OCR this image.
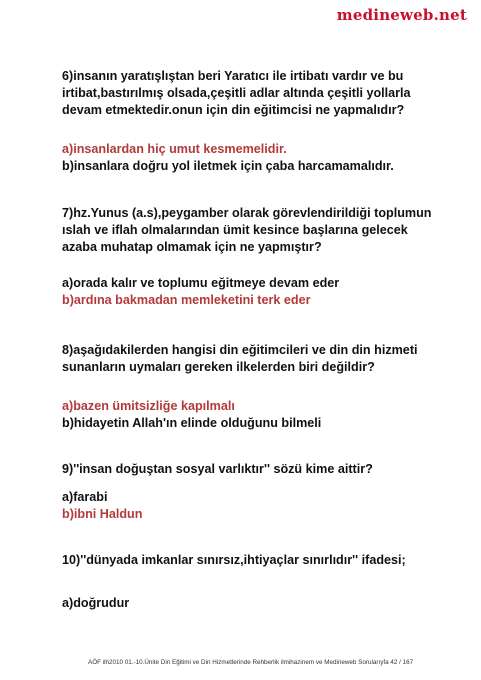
medineweb.net

6)insanın yaratışlıştan beri Yaratıcı ile irtibatı vardır ve bu irtibat,bastırılmış olsada,çeşitli adlar altında çeşitli yollarla devam etmektedir.onun için din eğitimcisi ne yapmalıdır?

a)insanlardan hiç umut kesmemelidir.

b)insanlara doğru yol iletmek için çaba harcamamalıdır.

7)hz.Yunus (a.s),peygamber olarak görevlendirildiği toplumun ıslah ve iflah olmalarından ümit kesince başlarına gelecek azaba muhatap olmamak için ne yapmıştır?

a)orada kalır ve toplumu eğitmeye devam eder

b)ardına bakmadan memleketini terk eder

8)aşağıdakilerden hangisi din eğitimcileri ve din din hizmeti sunanların uymaları gereken ilkelerden biri değildir?

a)bazen ümitsizliğe kapılmalı

b)hidayetin Allah'ın elinde olduğunu bilmeli

9)''insan doğuştan sosyal varlıktır'' sözü kime aittir?

a)farabi

b)ibni Haldun

10)''dünyada imkanlar sınırsız,ihtiyaçlar sınırlıdır'' ifadesi;

a)doğrudur

AÖF ilh2010 01.-10.Ünite Din Eğitimi ve Din Hizmetlerinde Rehberlik ilmihazinem ve Medineweb Sorularıyfa 42 / 167
